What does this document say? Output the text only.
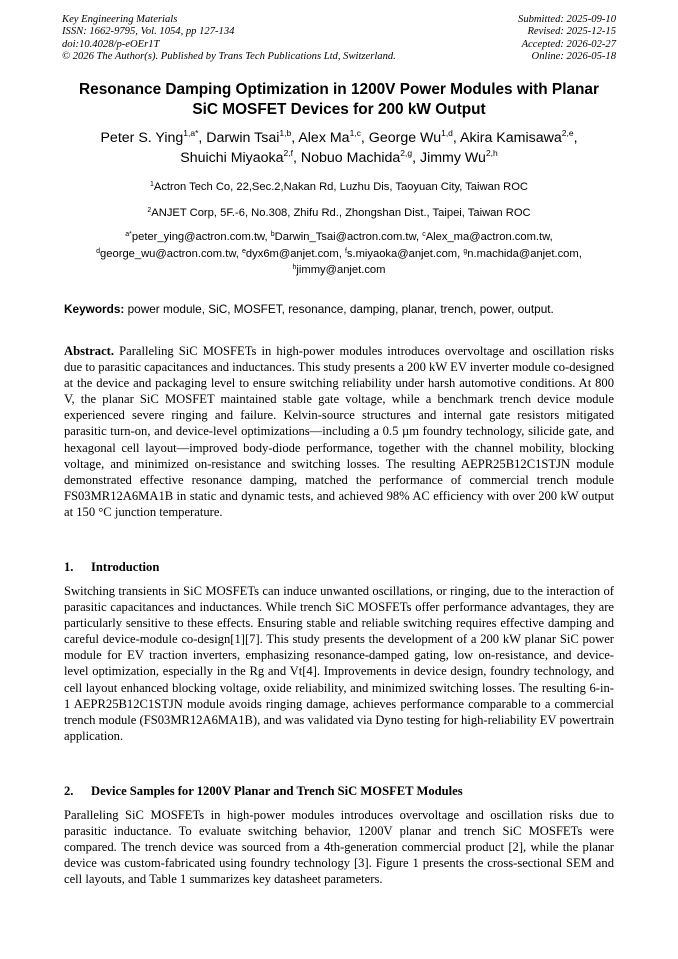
Key Engineering Materials
ISSN: 1662-9795, Vol. 1054, pp 127-134
doi:10.4028/p-eOEr1T
© 2026 The Author(s). Published by Trans Tech Publications Ltd, Switzerland.
Submitted: 2025-09-10
Revised: 2025-12-15
Accepted: 2026-02-27
Online: 2026-05-18
Resonance Damping Optimization in 1200V Power Modules with Planar
SiC MOSFET Devices for 200 kW Output
Peter S. Ying$^{1,a*}$, Darwin Tsai$^{1,b}$, Alex Ma$^{1,c}$, George Wu$^{1,d}$, Akira Kamisawa$^{2,e}$,
Shuichi Miyaoka$^{2,f}$, Nobuo Machida$^{2,g}$, Jimmy Wu$^{2,h}$
$^1$Actron Tech Co, 22,Sec.2,Nakan Rd, Luzhu Dis, Taoyuan City, Taiwan ROC
$^2$ANJET Corp, 5F.-6, No.308, Zhifu Rd., Zhongshan Dist., Taipei, Taiwan ROC
$^{a*}$peter_ying@actron.com.tw, $^b$Darwin_Tsai@actron.com.tw, $^c$Alex_ma@actron.com.tw,
$^d$george_wu@actron.com.tw, $^e$dyx6m@anjet.com, $^f$s.miyaoka@anjet.com, $^g$n.machida@anjet.com,
$^h$jimmy@anjet.com
Keywords: power module, SiC, MOSFET, resonance, damping, planar, trench, power, output.
Abstract. Paralleling SiC MOSFETs in high-power modules introduces overvoltage and oscillation risks due to parasitic capacitances and inductances. This study presents a 200 kW EV inverter module co-designed at the device and packaging level to ensure switching reliability under harsh automotive conditions. At 800 V, the planar SiC MOSFET maintained stable gate voltage, while a benchmark trench device module experienced severe ringing and failure. Kelvin-source structures and internal gate resistors mitigated parasitic turn-on, and device-level optimizations—including a 0.5 µm foundry technology, silicide gate, and hexagonal cell layout—improved body-diode performance, together with the channel mobility, blocking voltage, and minimized on-resistance and switching losses. The resulting AEPR25B12C1STJN module demonstrated effective resonance damping, matched the performance of commercial trench module FS03MR12A6MA1B in static and dynamic tests, and achieved 98% AC efficiency with over 200 kW output at 150 °C junction temperature.
1. Introduction
Switching transients in SiC MOSFETs can induce unwanted oscillations, or ringing, due to the interaction of parasitic capacitances and inductances. While trench SiC MOSFETs offer performance advantages, they are particularly sensitive to these effects. Ensuring stable and reliable switching requires effective damping and careful device-module co-design[1][7]. This study presents the development of a 200 kW planar SiC power module for EV traction inverters, emphasizing resonance-damped gating, low on-resistance, and device-level optimization, especially in the Rg and Vt[4]. Improvements in device design, foundry technology, and cell layout enhanced blocking voltage, oxide reliability, and minimized switching losses. The resulting 6-in-1 AEPR25B12C1STJN module avoids ringing damage, achieves performance comparable to a commercial trench module (FS03MR12A6MA1B), and was validated via Dyno testing for high-reliability EV powertrain application.
2. Device Samples for 1200V Planar and Trench SiC MOSFET Modules
Paralleling SiC MOSFETs in high-power modules introduces overvoltage and oscillation risks due to parasitic inductance. To evaluate switching behavior, 1200V planar and trench SiC MOSFETs were compared. The trench device was sourced from a 4th-generation commercial product [2], while the planar device was custom-fabricated using foundry technology [3]. Figure 1 presents the cross-sectional SEM and cell layouts, and Table 1 summarizes key datasheet parameters.
